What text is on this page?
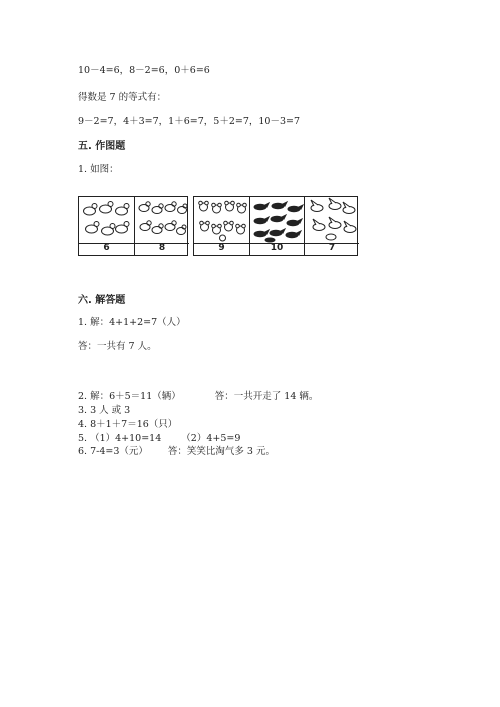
10－4=6，8－2=6，0＋6=6
得数是 7 的等式有：
9－2=7，4＋3=7，1＋6=7，5＋2=7，10－3=7
五. 作图题
1. 如图：
6	8	9	10	7
六. 解答题
1. 解：4+1+2=7（人）
答：一共有 7 人。
2. 解：6＋5＝11（辆）	答：一共开走了 14 辆。
3. 3 人 或 3
4. 8＋1＋7＝16（只）
5. （1）4+10=14 （2）4+5=9
6. 7-4=3（元） 答：笑笑比淘气多 3 元。
